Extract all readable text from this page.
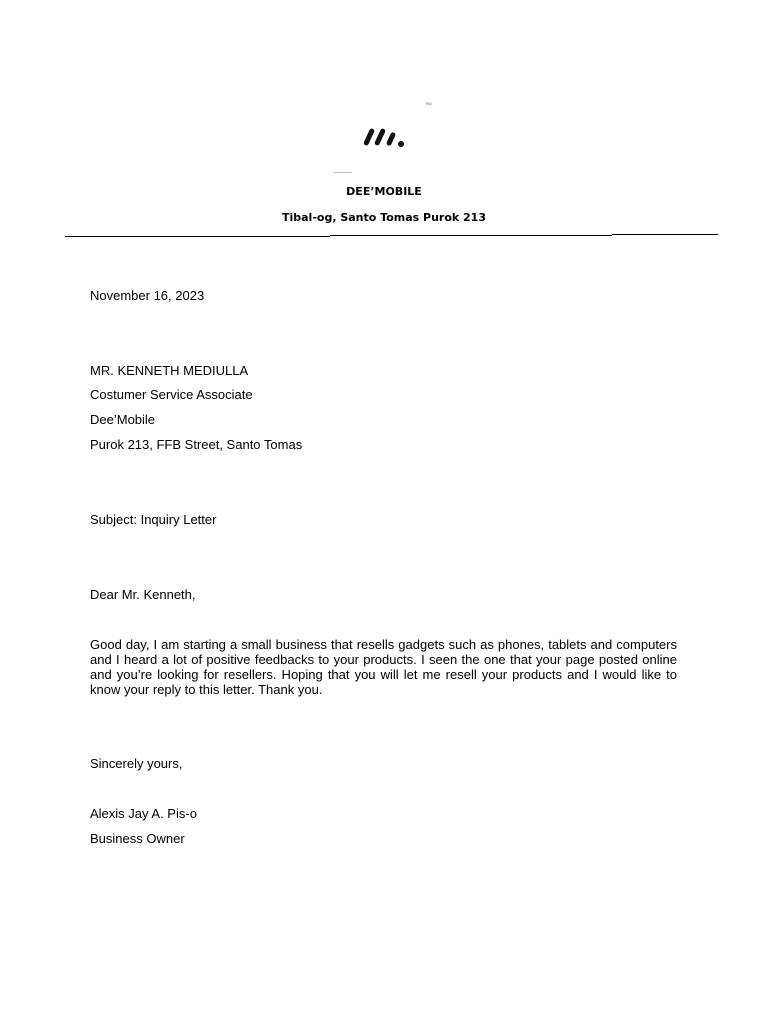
eG
DEE’MOBILE
Tibal-og, Santo Tomas Purok 213
November 16, 2023
MR. KENNETH MEDIULLA
Costumer Service Associate
Dee’Mobile
Purok 213, FFB Street, Santo Tomas
Subject: Inquiry Letter
Dear Mr. Kenneth,
Good day, I am starting a small business that resells gadgets such as phones, tablets and computers and I heard a lot of positive feedbacks to your products. I seen the one that your page posted online and you’re looking for resellers. Hoping that you will let me resell your products and I would like to know your reply to this letter. Thank you.
Sincerely yours,
Alexis Jay A. Pis-o
Business Owner
